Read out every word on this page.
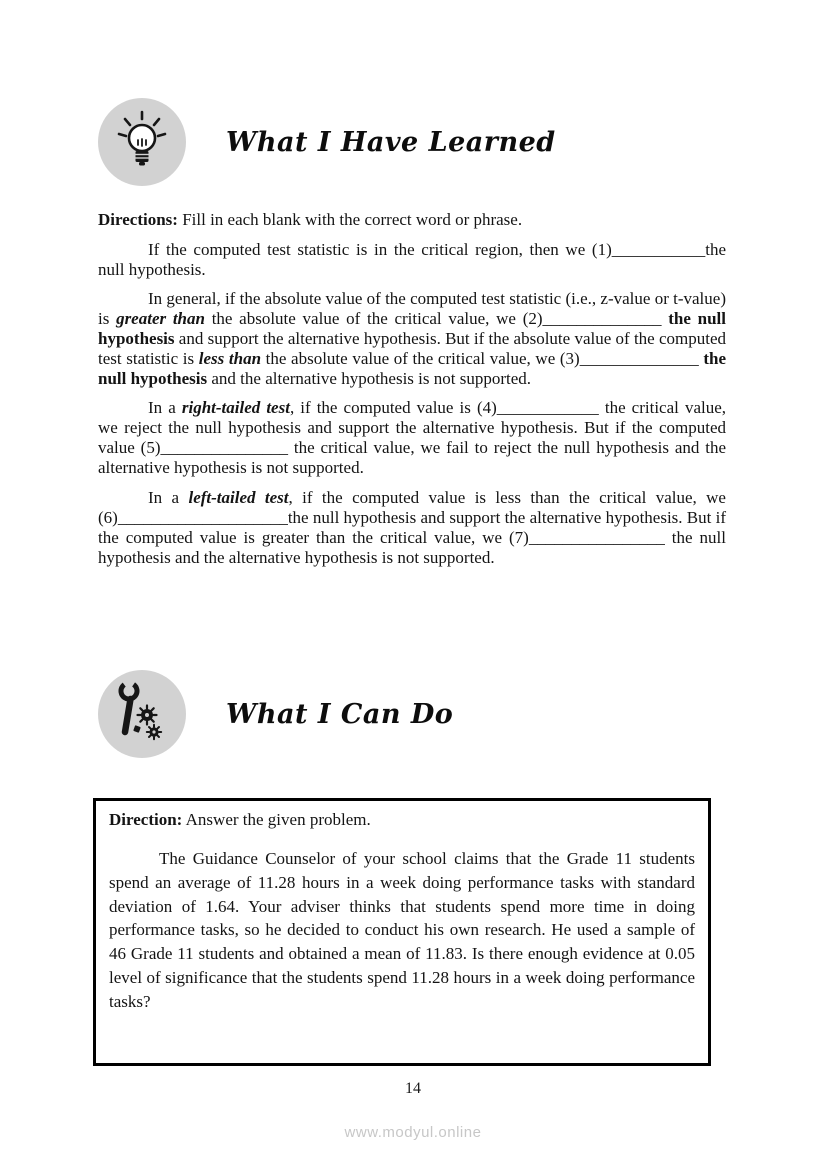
What I Have Learned

Directions: Fill in each blank with the correct word or phrase.

If the computed test statistic is in the critical region, then we (1)___________the null hypothesis.

In general, if the absolute value of the computed test statistic (i.e., z-value or t-value) is greater than the absolute value of the critical value, we (2)______________ the null hypothesis and support the alternative hypothesis. But if the absolute value of the computed test statistic is less than the absolute value of the critical value, we (3)______________ the null hypothesis and the alternative hypothesis is not supported.

In a right-tailed test, if the computed value is (4)____________ the critical value, we reject the null hypothesis and support the alternative hypothesis. But if the computed value (5)_______________ the critical value, we fail to reject the null hypothesis and the alternative hypothesis is not supported.

In a left-tailed test, if the computed value is less than the critical value, we (6)____________________the null hypothesis and support the alternative hypothesis. But if the computed value is greater than the critical value, we (7)________________ the null hypothesis and the alternative hypothesis is not supported.

What I Can Do

Direction: Answer the given problem.

The Guidance Counselor of your school claims that the Grade 11 students spend an average of 11.28 hours in a week doing performance tasks with standard deviation of 1.64. Your adviser thinks that students spend more time in doing performance tasks, so he decided to conduct his own research. He used a sample of 46 Grade 11 students and obtained a mean of 11.83. Is there enough evidence at 0.05 level of significance that the students spend 11.28 hours in a week doing performance tasks?

14

www.modyul.online
